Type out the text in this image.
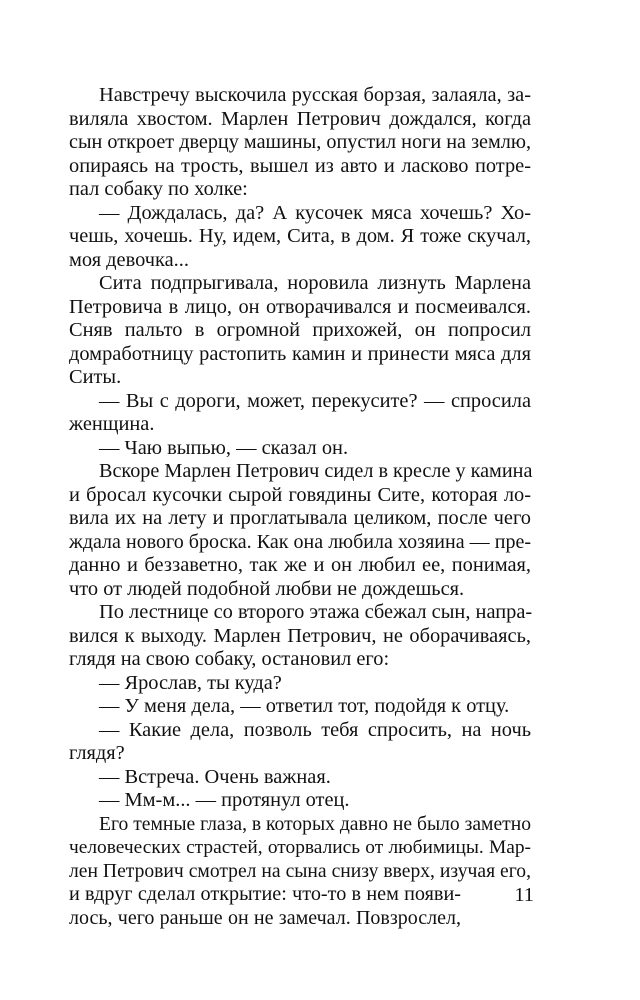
Навстречу выскочила русская борзая, залаяла, за-
виляла хвостом. Марлен Петрович дождался, когда
сын откроет дверцу машины, опустил ноги на землю,
опираясь на трость, вышел из авто и ласково потре-
пал собаку по холке:
— Дождалась, да? А кусочек мяса хочешь? Хо-
чешь, хочешь. Ну, идем, Сита, в дом. Я тоже скучал,
моя девочка...
Сита подпрыгивала, норовила лизнуть Марлена
Петровича в лицо, он отворачивался и посмеивался.
Сняв пальто в огромной прихожей, он попросил
домработницу растопить камин и принести мяса для
Ситы.
— Вы с дороги, может, перекусите? — спросила
женщина.
— Чаю выпью, — сказал он.
Вскоре Марлен Петрович сидел в кресле у камина
и бросал кусочки сырой говядины Сите, которая ло-
вила их на лету и проглатывала целиком, после чего
ждала нового броска. Как она любила хозяина — пре-
данно и беззаветно, так же и он любил ее, понимая,
что от людей подобной любви не дождешься.
По лестнице со второго этажа сбежал сын, напра-
вился к выходу. Марлен Петрович, не оборачиваясь,
глядя на свою собаку, остановил его:
— Ярослав, ты куда?
— У меня дела, — ответил тот, подойдя к отцу.
— Какие дела, позволь тебя спросить, на ночь
глядя?
— Встреча. Очень важная.
— Мм-м... — протянул отец.
Его темные глаза, в которых давно не было заметно
человеческих страстей, оторвались от любимицы. Мар-
лен Петрович смотрел на сына снизу вверх, изучая его,
и вдруг сделал открытие: что-то в нем появи-
лось, чего раньше он не замечал. Повзрослел,
11
